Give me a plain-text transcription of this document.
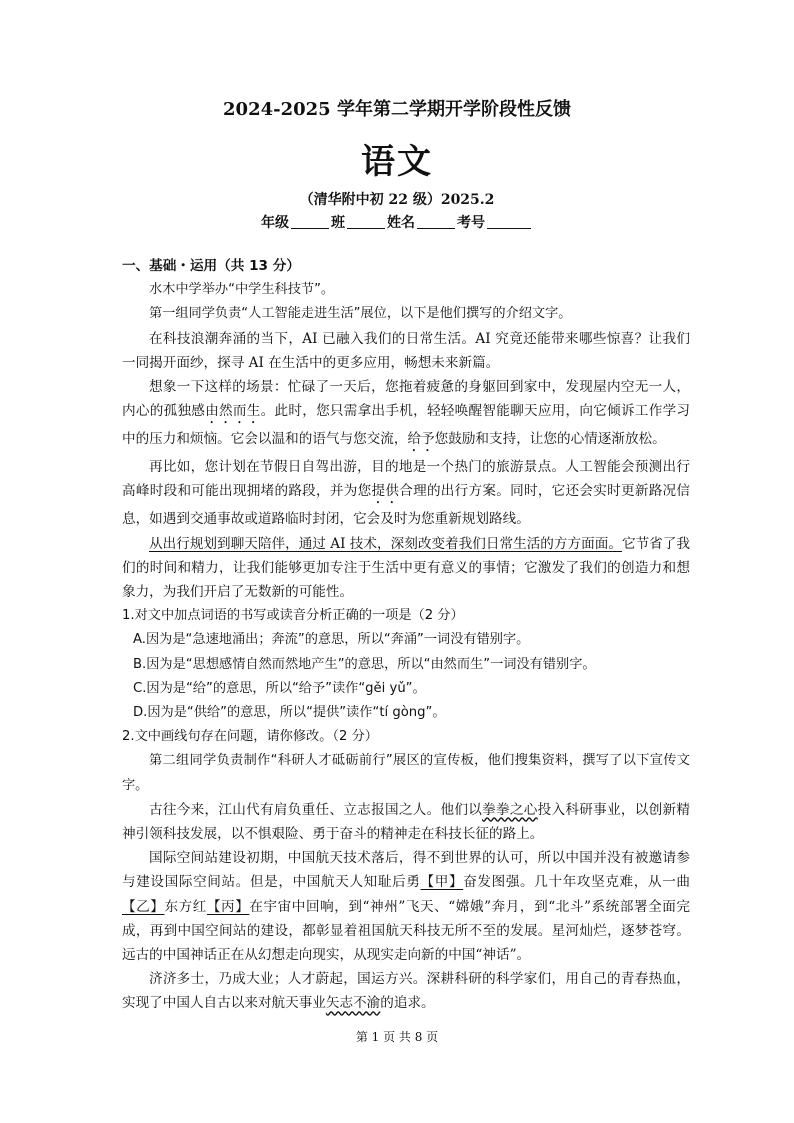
2024-2025 学年第二学期开学阶段性反馈
语文
（清华附中初 22 级）2025.2
年级	班	姓名	考号

一、基础・运用（共 13 分）

水木中学举办“中学生科技节”。

第一组同学负责“人工智能走进生活”展位，以下是他们撰写的介绍文字。

在科技浪潮奔涌的当下，AI 已融入我们的日常生活。AI 究竟还能带来哪些惊喜？让我们一同揭开面纱，探寻 AI 在生活中的更多应用，畅想未来新篇。

想象一下这样的场景：忙碌了一天后，您拖着疲惫的身躯回到家中，发现屋内空无一人，内心的孤独感由然而生。此时，您只需拿出手机，轻轻唤醒智能聊天应用，向它倾诉工作学习中的压力和烦恼。它会以温和的语气与您交流，给予您鼓励和支持，让您的心情逐渐放松。

再比如，您计划在节假日自驾出游，目的地是一个热门的旅游景点。人工智能会预测出行高峰时段和可能出现拥堵的路段，并为您提供合理的出行方案。同时，它还会实时更新路况信息，如遇到交通事故或道路临时封闭，它会及时为您重新规划路线。

从出行规划到聊天陪伴，通过 AI 技术，深刻改变着我们日常生活的方方面面。它节省了我们的时间和精力，让我们能够更加专注于生活中更有意义的事情；它激发了我们的创造力和想象力，为我们开启了无数新的可能性。

1.对文中加点词语的书写或读音分析正确的一项是（2 分）

A.因为是“急速地涌出；奔流”的意思，所以“奔涌”一词没有错别字。

B.因为是“思想感情自然而然地产生”的意思，所以“由然而生”一词没有错别字。

C.因为是“给”的意思，所以“给予”读作“gěi yǔ”。

D.因为是“供给”的意思，所以“提供”读作“tí gòng”。

2.文中画线句存在问题，请你修改。（2 分）

第二组同学负责制作“科研人才砥砺前行”展区的宣传板，他们搜集资料，撰写了以下宣传文字。

古往今来，江山代有肩负重任、立志报国之人。他们以拳拳之心投入科研事业，以创新精神引领科技发展，以不惧艰险、勇于奋斗的精神走在科技长征的路上。

国际空间站建设初期，中国航天技术落后，得不到世界的认可，所以中国并没有被邀请参与建设国际空间站。但是，中国航天人知耻后勇【甲】奋发图强。几十年攻坚克难，从一曲【乙】东方红【丙】在宇宙中回响，到“神州”飞天、“嫦娥”奔月，到“北斗”系统部署全面完成，再到中国空间站的建设，都彰显着祖国航天科技无所不至的发展。星河灿烂，逐梦苍穹。远古的中国神话正在从幻想走向现实，从现实走向新的中国“神话”。

济济多士，乃成大业；人才蔚起，国运方兴。深耕科研的科学家们，用自己的青春热血，实现了中国人自古以来对航天事业矢志不渝的追求。

第 1 页 共 8 页
